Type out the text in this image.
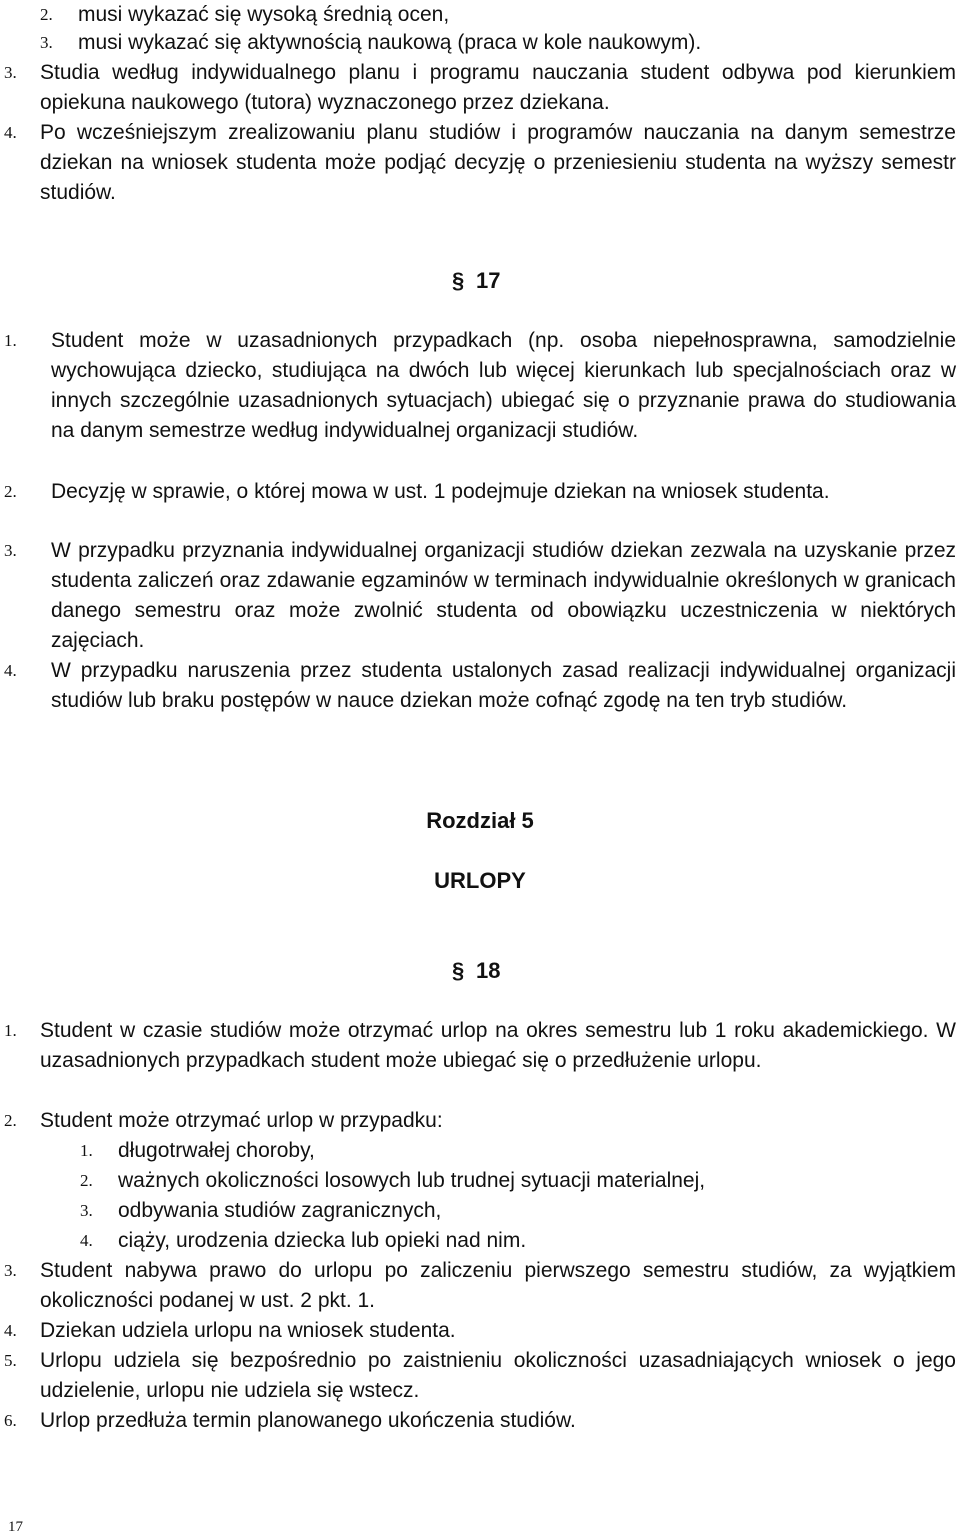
2. musi wykazać się wysoką średnią ocen,
3. musi wykazać się aktywnością naukową (praca w kole naukowym).
3. Studia według indywidualnego planu i programu nauczania student odbywa pod kierunkiem opiekuna naukowego (tutora) wyznaczonego przez dziekana.
4. Po wcześniejszym zrealizowaniu planu studiów i programów nauczania na danym semestrze dziekan na wniosek studenta może podjąć decyzję o przeniesieniu studenta na wyższy semestr studiów.
§ 17
1. Student może w uzasadnionych przypadkach (np. osoba niepełnosprawna, samodzielnie wychowująca dziecko, studiująca na dwóch lub więcej kierunkach lub specjalnościach oraz w innych szczególnie uzasadnionych sytuacjach) ubiegać się o przyznanie prawa do studiowania na danym semestrze według indywidualnej organizacji studiów.
2. Decyzję w sprawie, o której mowa w ust. 1 podejmuje dziekan na wniosek studenta.
3. W przypadku przyznania indywidualnej organizacji studiów dziekan zezwala na uzyskanie przez studenta zaliczeń oraz zdawanie egzaminów w terminach indywidualnie określonych w granicach danego semestru oraz może zwolnić studenta od obowiązku uczestniczenia w niektórych zajęciach.
4. W przypadku naruszenia przez studenta ustalonych zasad realizacji indywidualnej organizacji studiów lub braku postępów w nauce dziekan może cofnąć zgodę na ten tryb studiów.
Rozdział 5
URLOPY
§ 18
1. Student w czasie studiów może otrzymać urlop na okres semestru lub 1 roku akademickiego. W uzasadnionych przypadkach student może ubiegać się o przedłużenie urlopu.
2. Student może otrzymać urlop w przypadku:
1. długotrwałej choroby,
2. ważnych okoliczności losowych lub trudnej sytuacji materialnej,
3. odbywania studiów zagranicznych,
4. ciąży, urodzenia dziecka lub opieki nad nim.
3. Student nabywa prawo do urlopu po zaliczeniu pierwszego semestru studiów, za wyjątkiem okoliczności podanej w ust. 2 pkt. 1.
4. Dziekan udziela urlopu na wniosek studenta.
5. Urlopu udziela się bezpośrednio po zaistnieniu okoliczności uzasadniających wniosek o jego udzielenie, urlopu nie udziela się wstecz.
6. Urlop przedłuża termin planowanego ukończenia studiów.
17
